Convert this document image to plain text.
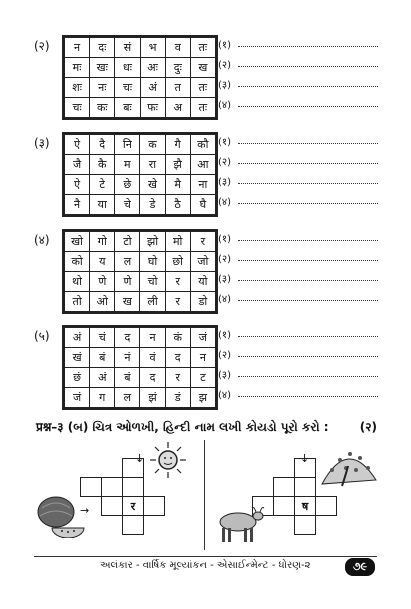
(२) न	दः	सं	भ	व	तः
मः	खः	धः	अः	दुः	ख
शः	नः	चः	अं	त	तः
चः	कः	बः	फः	अ	तः
(१)
(२)
(३)
(४)
(३) ऐ	दै	नि	क	गै	कौ
जै	कै	म	रा	झै	आ
ऐ	टे	छे	खे	मै	ना
नै	या	चे	डे	ठै	घै
(१)
(२)
(३)
(४)
(४) खो	गो	टो	झो	मो	र
को	य	ल	घो	छो	जो
थो	णे	णे	चो	र	यो
तो	ओ	ख	ली	र	डो
(१)
(२)
(३)
(४)
(५) अं	चं	द	न	कं	जं
खं	बं	नं	वं	द	न
छं	अं	बं	द	र	ट
जं	ग	ल	झं	डं	झ
(१)
(२)
(३)
(४)
प्रश्न–३ (બ) ચિત્ર ઓળખી, હિન્દી નામ લખી કોયડો પૂરો કરો :	(२)

		र	

↓
→

			ष	

↓
અલંકાર - વાર્ષિક મૂલ્યાંકન - એસાઈન્મેન્ટ - ધોરણ-૨	૭૯
